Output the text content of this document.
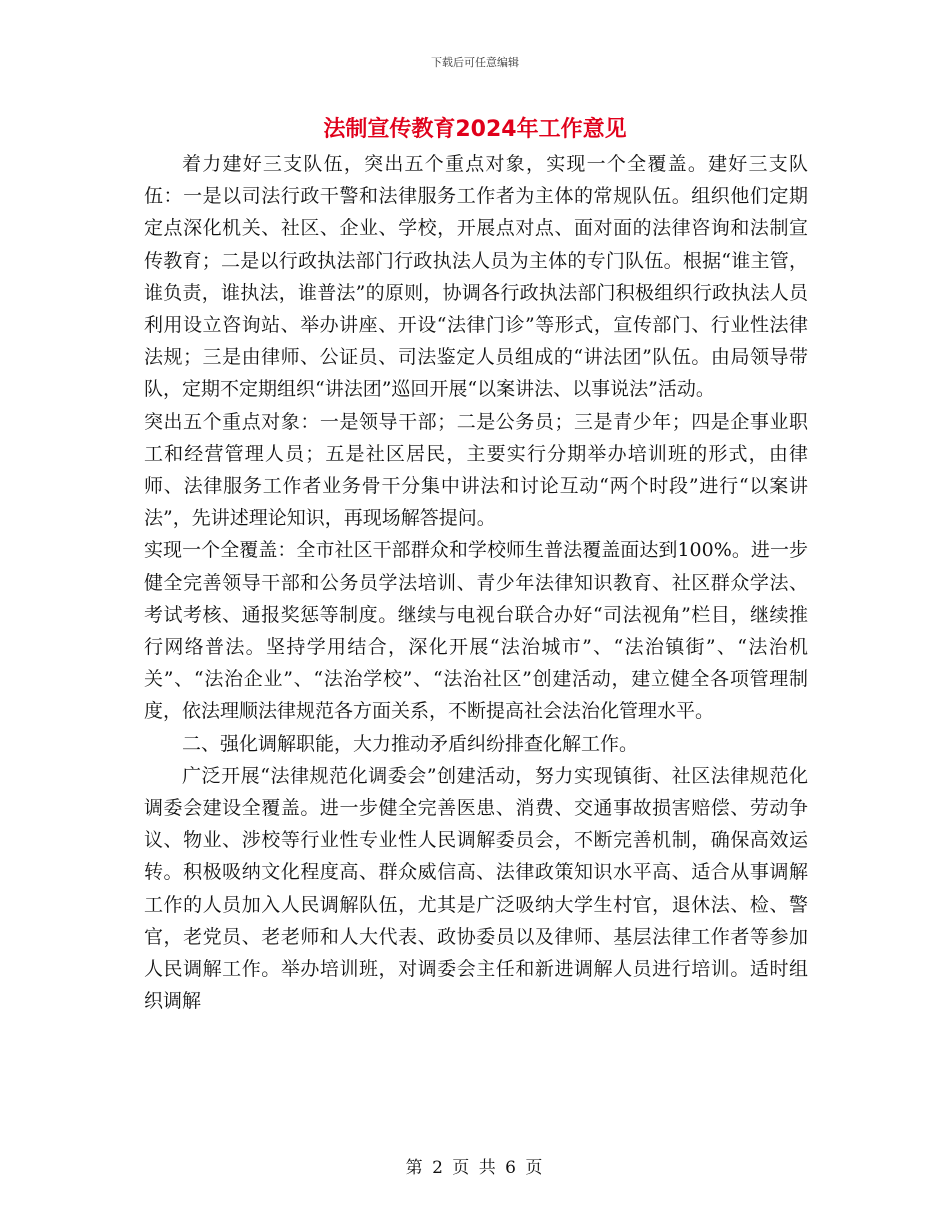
下载后可任意编辑
法制宣传教育2024年工作意见

着力建好三支队伍，突出五个重点对象，实现一个全覆盖。建好三支队伍：一是以司法行政干警和法律服务工作者为主体的常规队伍。组织他们定期定点深化机关、社区、企业、学校，开展点对点、面对面的法律咨询和法制宣传教育；二是以行政执法部门行政执法人员为主体的专门队伍。根据“谁主管，谁负责，谁执法，谁普法”的原则，协调各行政执法部门积极组织行政执法人员利用设立咨询站、举办讲座、开设“法律门诊”等形式，宣传部门、行业性法律法规；三是由律师、公证员、司法鉴定人员组成的“讲法团”队伍。由局领导带队，定期不定期组织“讲法团”巡回开展“以案讲法、以事说法”活动。

突出五个重点对象：一是领导干部；二是公务员；三是青少年；四是企事业职工和经营管理人员；五是社区居民，主要实行分期举办培训班的形式，由律师、法律服务工作者业务骨干分集中讲法和讨论互动“两个时段”进行“以案讲法”，先讲述理论知识，再现场解答提问。

实现一个全覆盖：全市社区干部群众和学校师生普法覆盖面达到100%。进一步健全完善领导干部和公务员学法培训、青少年法律知识教育、社区群众学法、考试考核、通报奖惩等制度。继续与电视台联合办好“司法视角”栏目，继续推行网络普法。坚持学用结合，深化开展“法治城市”、“法治镇街”、“法治机关”、“法治企业”、“法治学校”、“法治社区”创建活动，建立健全各项管理制度，依法理顺法律规范各方面关系，不断提高社会法治化管理水平。

二、强化调解职能，大力推动矛盾纠纷排查化解工作。

广泛开展“法律规范化调委会”创建活动，努力实现镇街、社区法律规范化调委会建设全覆盖。进一步健全完善医患、消费、交通事故损害赔偿、劳动争议、物业、涉校等行业性专业性人民调解委员会，不断完善机制，确保高效运转。积极吸纳文化程度高、群众威信高、法律政策知识水平高、适合从事调解工作的人员加入人民调解队伍，尤其是广泛吸纳大学生村官，退休法、检、警官，老党员、老老师和人大代表、政协委员以及律师、基层法律工作者等参加人民调解工作。举办培训班，对调委会主任和新进调解人员进行培训。适时组织调解

第 2 页 共 6 页
